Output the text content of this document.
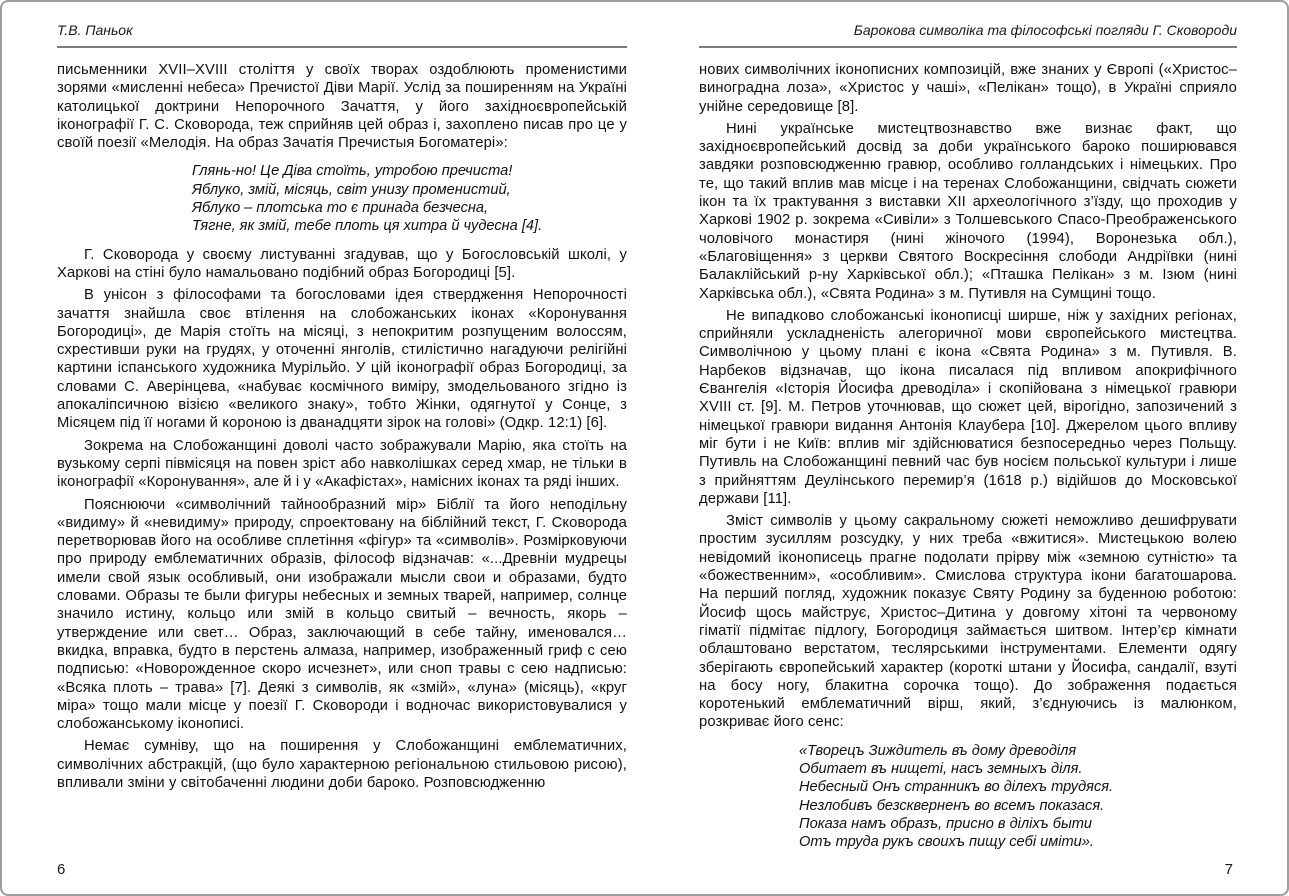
Т.В. Паньок

письменники XVII–XVIII століття у своїх творах оздоблюють променистими зорями «мисленні небеса» Пречистої Діви Марії. Услід за поширенням на Україні католицької доктрини Непорочного Зачаття, у його західноєвропейській іконографії Г. С. Сковорода, теж сприйняв цей образ і, захоплено писав про це у своїй поезії «Мелодія. На образ Зачатія Пречистыя Богоматері»:

Глянь-но! Це Діва стоїть, утробою пречиста!
Яблуко, змій, місяць, світ унизу променистий,
Яблуко – плотська то є принада безчесна,
Тягне, як змій, тебе плоть ця хитра й чудесна [4].

Г. Сковорода у своєму листуванні згадував, що у Богословській школі, у Харкові на стіні було намальовано подібний образ Богородиці [5].

В унісон з філософами та богословами ідея ствердження Непорочності зачаття знайшла своє втілення на слобожанських іконах «Коронування Богородиці», де Марія стоїть на місяці, з непокритим розпущеним волоссям, схрестивши руки на грудях, у оточенні янголів, стилістично нагадуючи релігійні картини іспанського художника Мурільйо. У цій іконографії образ Богородиці, за словами С. Аверінцева, «набуває космічного виміру, змодельованого згідно із апокаліпсичною візією «великого знаку», тобто Жінки, одягнутої у Сонце, з Місяцем під її ногами й короною із дванадцяти зірок на голові» (Одкр. 12:1) [6].

Зокрема на Слобожанщині доволі часто зображували Марію, яка стоїть на вузькому серпі півмісяця на повен зріст або навколішках серед хмар, не тільки в іконографії «Коронування», але й і у «Акафістах», намісних іконах та ряді інших.

Пояснюючи «символічний тайнообразний мір» Біблії та його неподільну «видиму» й «невидиму» природу, спроектовану на біблійний текст, Г. Сковорода перетворював його на особливе сплетіння «фігур» та «символів». Розмірковуючи про природу емблематичних образів, філософ відзначав: «...Древніи мудрецы имели свой язык особливый, они изображали мысли свои и образами, будто словами. Образы те были фигуры небесных и земных тварей, например, солнце значило истину, кольцо или змій в кольцо свитый – вечность, якорь – утверждение или свет… Образ, заключающий в себе тайну, именовался… вкидка, вправка, будто в перстень алмаза, например, изображенный гриф с сею подписью: «Новорожденное скоро исчезнет», или сноп травы с сею надписью: «Всяка плоть – трава» [7]. Деякі з символів, як «змій», «луна» (місяць), «круг міра» тощо мали місце у поезії Г. Сковороди і водночас використовувалися у слобожанському іконописі.

Немає сумніву, що на поширення у Слобожанщині емблематичних, символічних абстракцій, (що було характерною регіональною стильовою рисою), впливали зміни у світобаченні людини доби бароко. Розповсюдженню

Барокова символіка та філософські погляди Г. Сковороди

нових символічних іконописних композицій, вже знаних у Європі («Христос–виноградна лоза», «Христос у чаші», «Пелікан» тощо), в Україні сприяло унійне середовище [8].

Нині українське мистецтвознавство вже визнає факт, що західноєвропейський досвід за доби українського бароко поширювався завдяки розповсюдженню гравюр, особливо голландських і німецьких. Про те, що такий вплив мав місце і на теренах Слобожанщини, свідчать сюжети ікон та їх трактування з виставки XII археологічного з’їзду, що проходив у Харкові 1902 р. зокрема «Сивіли» з Толшевського Спасо-Преображенського чоловічого монастиря (нині жіночого (1994), Воронезька обл.), «Благовіщення» з церкви Святого Воскресіння слободи Андріївки (нині Балаклійський р-ну Харківської обл.); «Пташка Пелікан» з м. Ізюм (нині Харківська обл.), «Свята Родина» з м. Путивля на Сумщині тощо.

Не випадково слобожанські іконописці ширше, ніж у західних регіонах, сприйняли ускладненість алегоричної мови європейського мистецтва. Символічною у цьому плані є ікона «Свята Родина» з м. Путивля. В. Нарбеков відзначав, що ікона писалася під впливом апокрифічного Євангелія «Історія Йосифа древоділа» і скопійована з німецької гравюри XVIII ст. [9]. М. Петров уточнював, що сюжет цей, вірогідно, запозичений з німецької гравюри видання Антонія Клаубера [10]. Джерелом цього впливу міг бути і не Київ: вплив міг здійснюватися безпосередньо через Польщу. Путивль на Слобожанщині певний час був носієм польської культури і лише з прийняттям Деулінського перемир’я (1618 р.) відійшов до Московської держави [11].

Зміст символів у цьому сакральному сюжеті неможливо дешифрувати простим зусиллям розсудку, у них треба «вжитися». Мистецькою волею невідомий іконописець прагне подолати прірву між «земною сутністю» та «божественним», «особливим». Смислова структура ікони багатошарова. На перший погляд, художник показує Святу Родину за буденною роботою: Йосиф щось майструє, Христос–Дитина у довгому хітоні та червоному гіматії підмітає підлогу, Богородиця займається шитвом. Інтер’єр кімнати облаштовано верстатом, теслярськими інструментами. Елементи одягу зберігають європейський характер (короткі штани у Йосифа, сандалії, взуті на босу ногу, блакитна сорочка тощо). До зображення подається коротенький емблематичний вірш, який, з’єднуючись із малюнком, розкриває його сенс:

«Творецъ Зиждитель въ дому древоділя
Обитает въ нищеті, насъ земныхъ діля.
Небесный Онъ странникъ во ділехъ трудяся.
Незлобивъ безскверненъ во всемъ показася.
Показа намъ образъ, присно в діліхъ быти
Отъ труда рукъ своихъ пищу себі иміти».
6	7
